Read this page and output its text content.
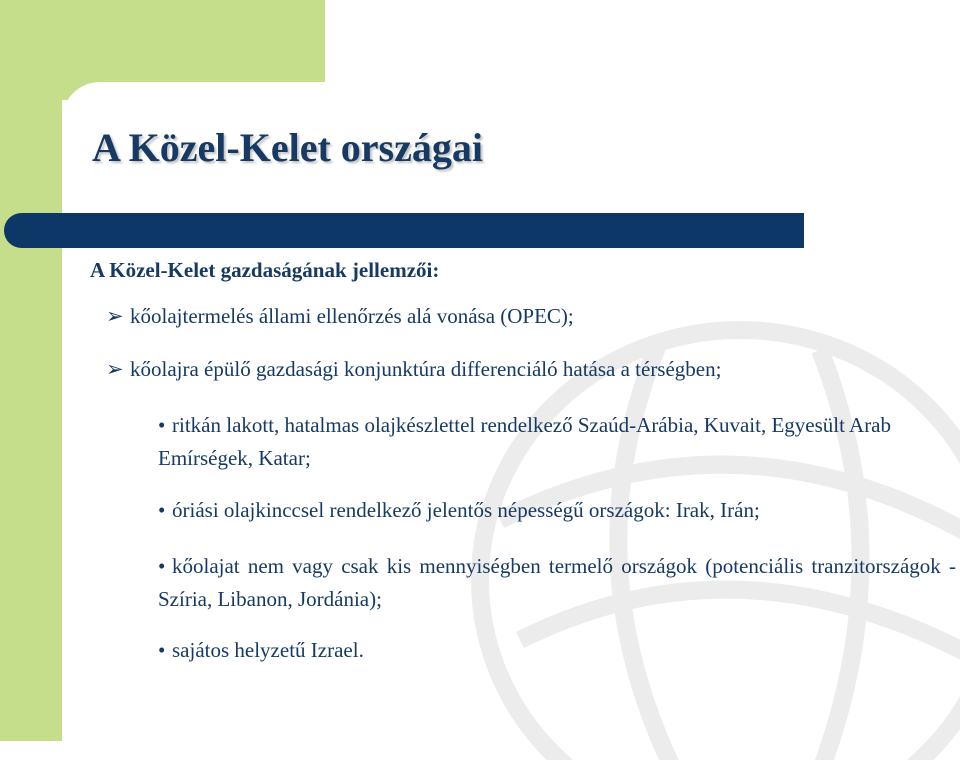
A Közel-Kelet országai
A Közel-Kelet gazdaságának jellemzői:
➢ kőolajtermelés állami ellenőrzés alá vonása (OPEC);
➢ kőolajra épülő gazdasági konjunktúra differenciáló hatása a térségben;
• ritkán lakott, hatalmas olajkészlettel rendelkező Szaúd-Arábia, Kuvait, Egyesült Arab Emírségek, Katar;
• óriási olajkinccsel rendelkező jelentős népességű országok: Irak, Irán;
• kőolajat nem vagy csak kis mennyiségben termelő országok (potenciális tranzitországok - Szíria, Libanon, Jordánia);
• sajátos helyzetű Izrael.
